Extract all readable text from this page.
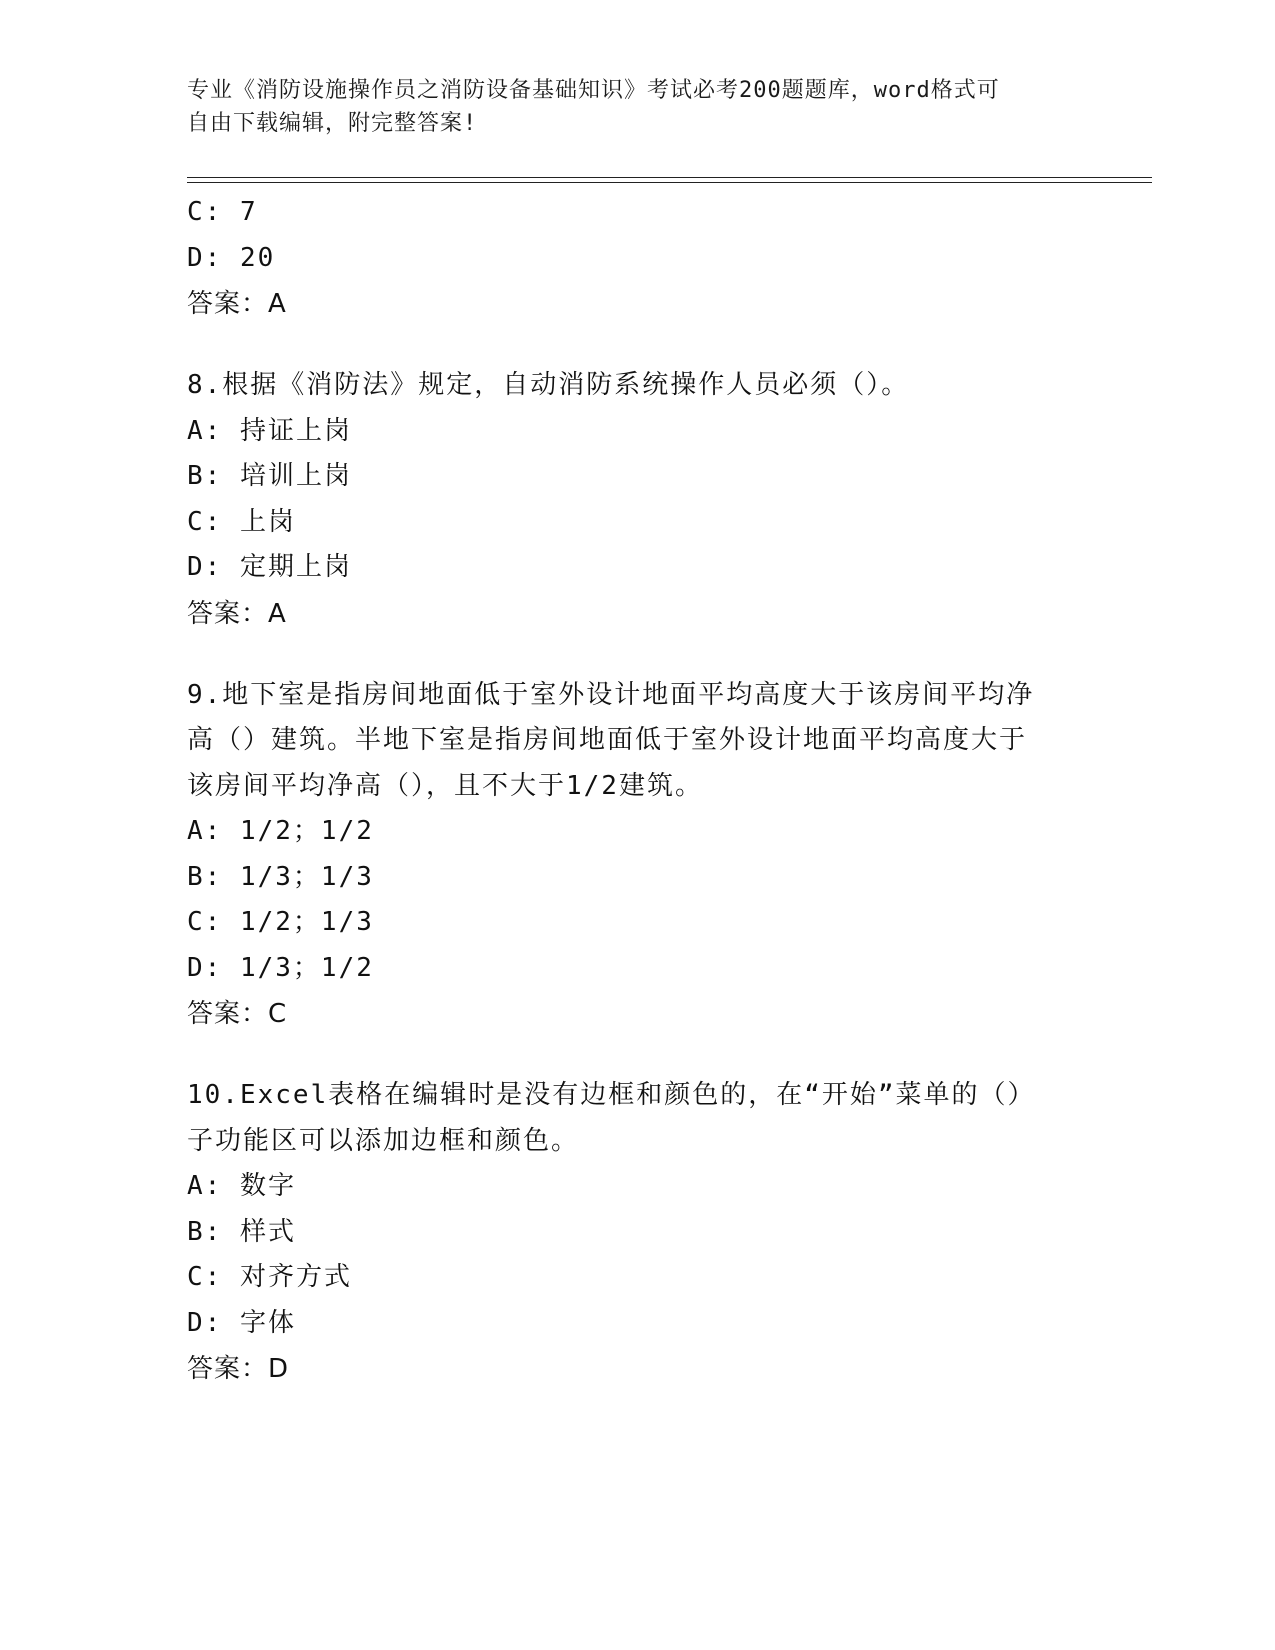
专业《消防设施操作员之消防设备基础知识》考试必考200题题库，word格式可
自由下载编辑，附完整答案!
C: 7
D: 20
答案：A
8.根据《消防法》规定，自动消防系统操作人员必须（）。
A: 持证上岗
B: 培训上岗
C: 上岗
D: 定期上岗
答案：A
9.地下室是指房间地面低于室外设计地面平均高度大于该房间平均净
高（）建筑。半地下室是指房间地面低于室外设计地面平均高度大于
该房间平均净高（），且不大于1/2建筑。
A: 1/2；1/2
B: 1/3；1/3
C: 1/2；1/3
D: 1/3；1/2
答案：C
10.Excel表格在编辑时是没有边框和颜色的，在“开始”菜单的（）
子功能区可以添加边框和颜色。
A: 数字
B: 样式
C: 对齐方式
D: 字体
答案：D
